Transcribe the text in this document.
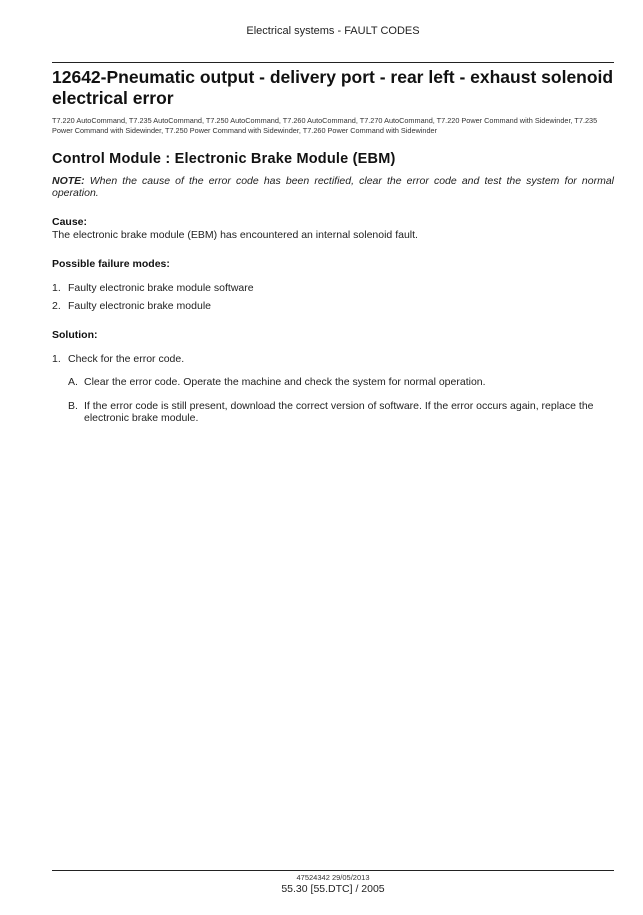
Electrical systems - FAULT CODES
12642-Pneumatic output - delivery port - rear left - exhaust solenoid electrical error
T7.220 AutoCommand, T7.235 AutoCommand, T7.250 AutoCommand, T7.260 AutoCommand, T7.270 AutoCommand, T7.220 Power Command with Sidewinder, T7.235 Power Command with Sidewinder, T7.250 Power Command with Sidewinder, T7.260 Power Command with Sidewinder
Control Module : Electronic Brake Module (EBM)
NOTE: When the cause of the error code has been rectified, clear the error code and test the system for normal operation.
Cause:
The electronic brake module (EBM) has encountered an internal solenoid fault.
Possible failure modes:
1. Faulty electronic brake module software
2. Faulty electronic brake module
Solution:
1. Check for the error code.
A. Clear the error code. Operate the machine and check the system for normal operation.
B. If the error code is still present, download the correct version of software. If the error occurs again, replace the electronic brake module.
47524342 29/05/2013
55.30 [55.DTC] / 2005
